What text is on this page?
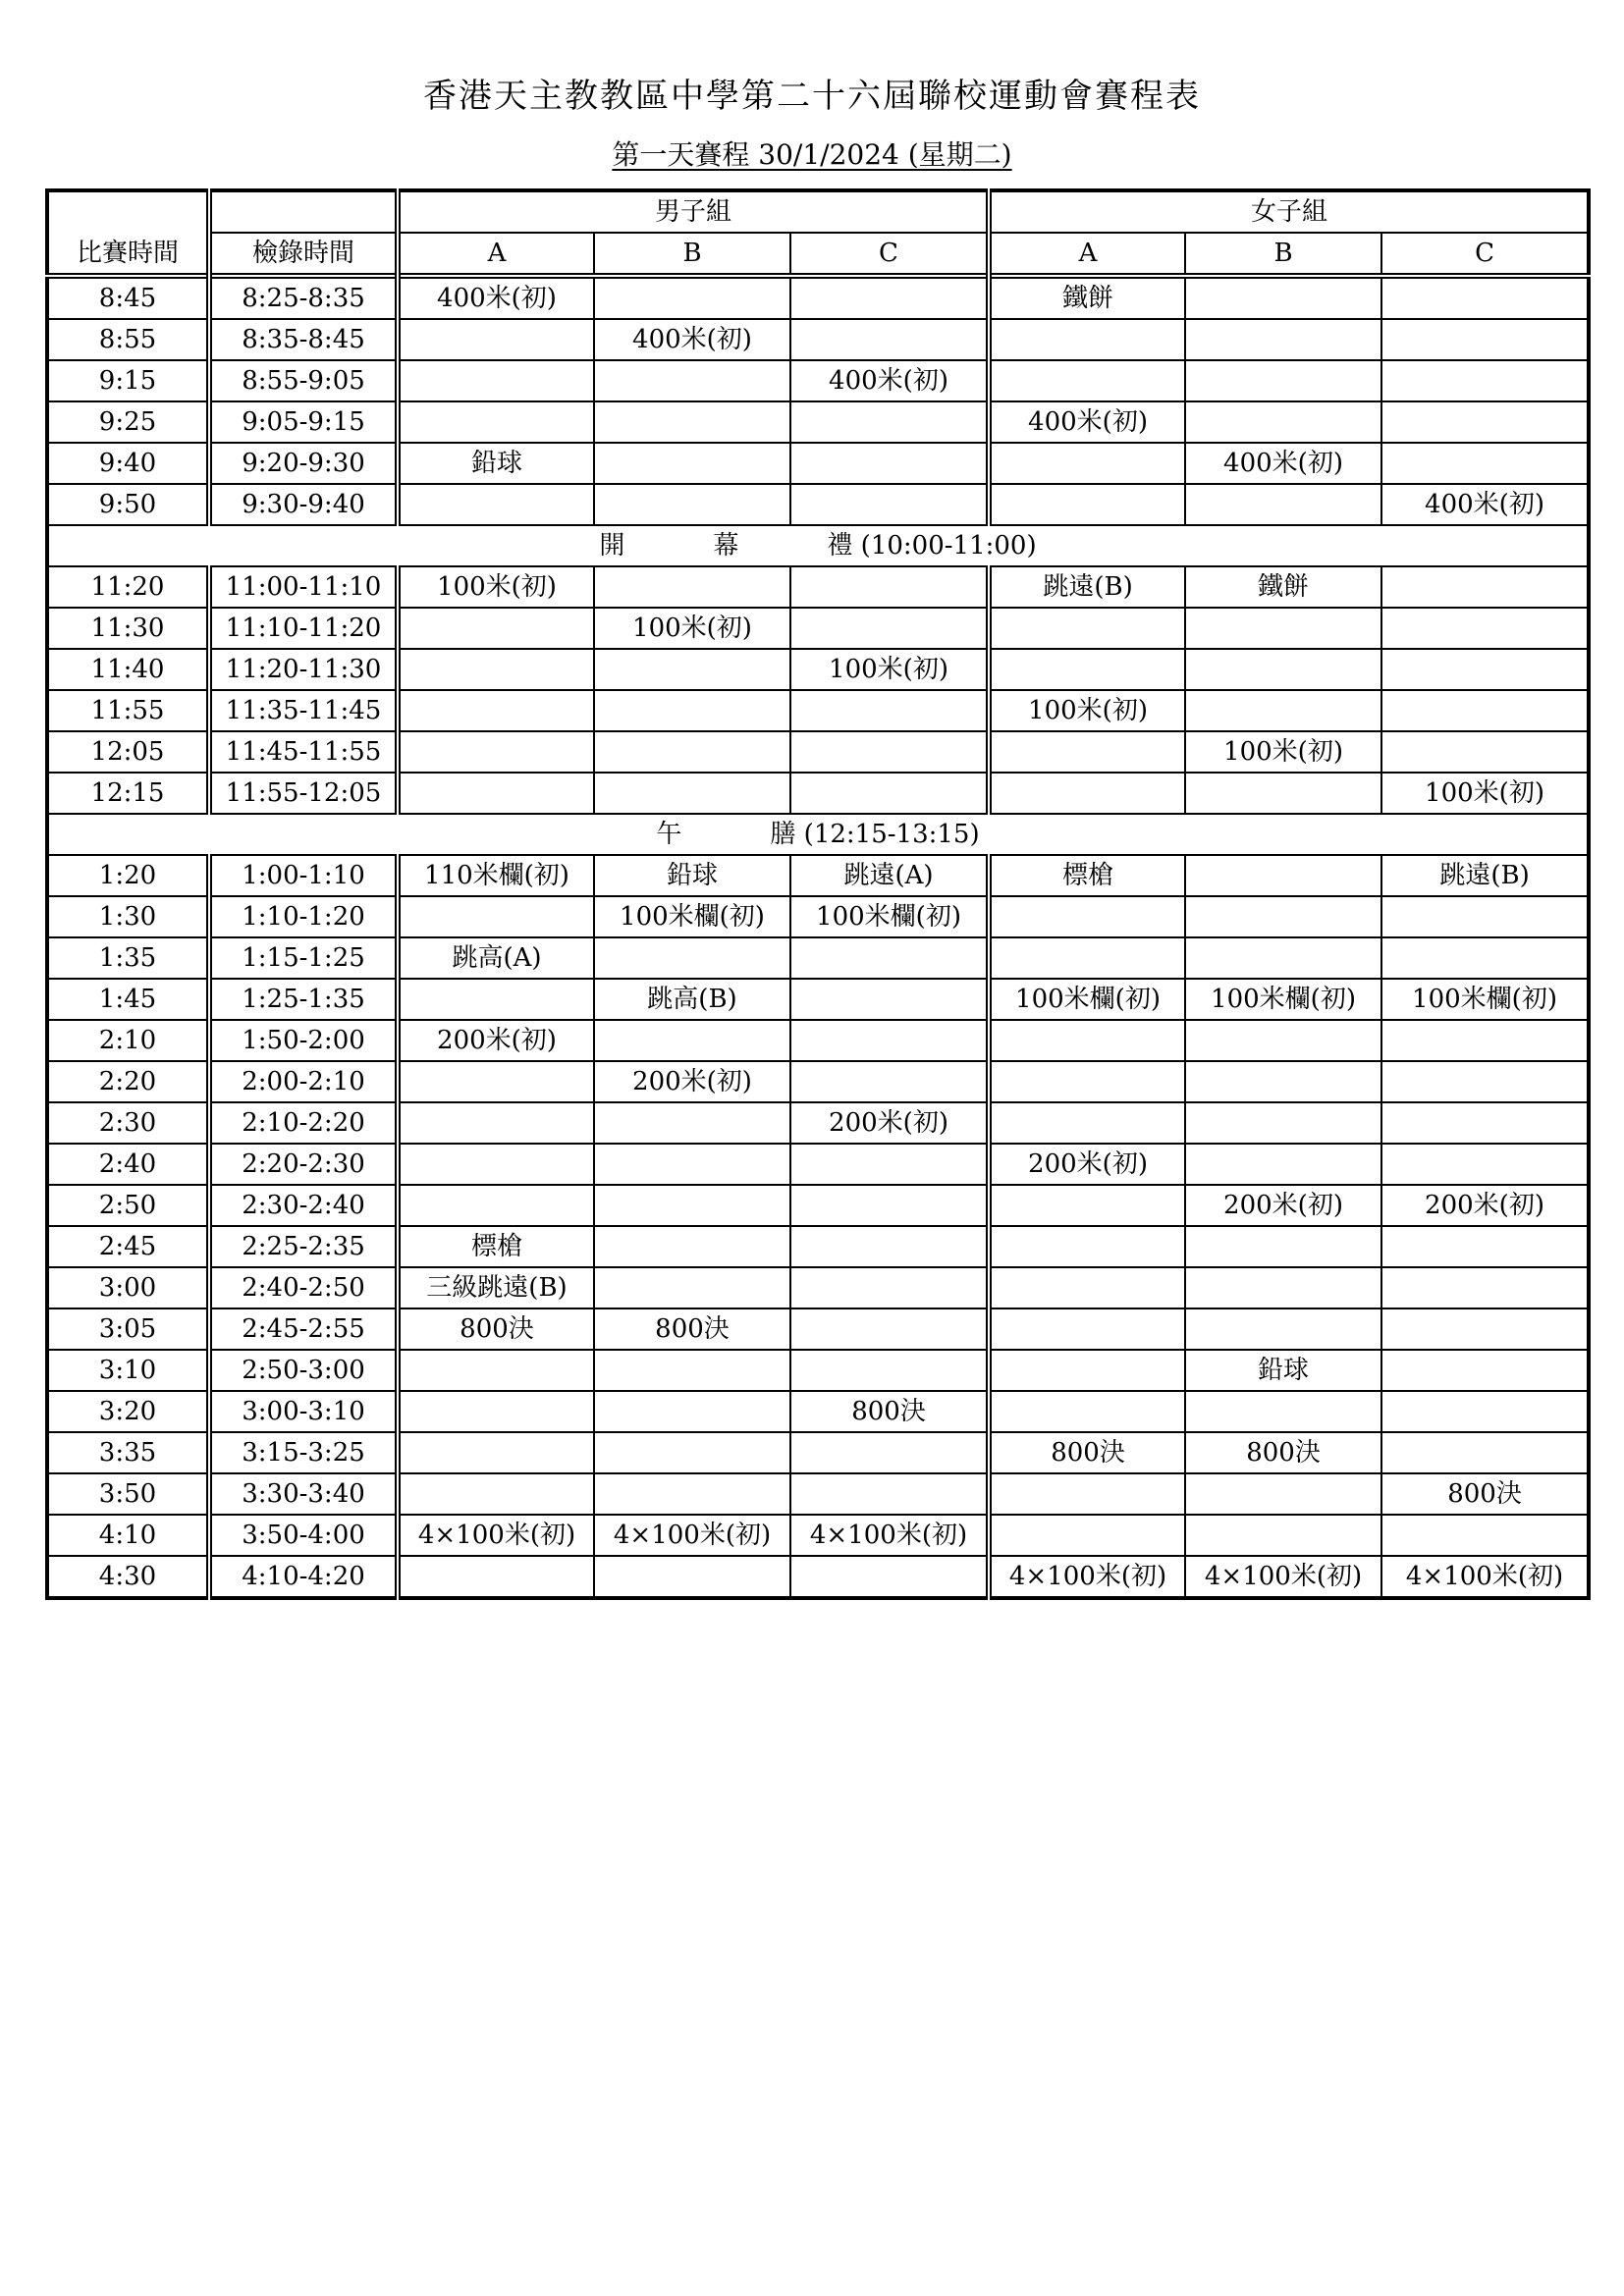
香港天主教教區中學第二十六屆聯校運動會賽程表
第一天賽程 30/1/2024 (星期二)
		男子組			女子組		
比賽時間	檢錄時間	A	B	C	A	B	C
8:45	8:25-8:35	400米(初)			鐵餅		
8:55	8:35-8:45		400米(初)				
9:15	8:55-9:05			400米(初)			
9:25	9:05-9:15				400米(初)		
9:40	9:20-9:30	鉛球				400米(初)	
9:50	9:30-9:40						400米(初)
開 幕 禮 (10:00-11:00)							
11:20	11:00-11:10	100米(初)			跳遠(B)	鐵餅	
11:30	11:10-11:20		100米(初)				
11:40	11:20-11:30			100米(初)			
11:55	11:35-11:45				100米(初)		
12:05	11:45-11:55					100米(初)	
12:15	11:55-12:05						100米(初)
午 膳 (12:15-13:15)							
1:20	1:00-1:10	110米欄(初)	鉛球	跳遠(A)	標槍		跳遠(B)
1:30	1:10-1:20		100米欄(初)	100米欄(初)			
1:35	1:15-1:25	跳高(A)					
1:45	1:25-1:35		跳高(B)		100米欄(初)	100米欄(初)	100米欄(初)
2:10	1:50-2:00	200米(初)					
2:20	2:00-2:10		200米(初)				
2:30	2:10-2:20			200米(初)			
2:40	2:20-2:30				200米(初)		
2:50	2:30-2:40					200米(初)	200米(初)
2:45	2:25-2:35	標槍					
3:00	2:40-2:50	三級跳遠(B)					
3:05	2:45-2:55	800決	800決				
3:10	2:50-3:00					鉛球	
3:20	3:00-3:10			800決			
3:35	3:15-3:25				800決	800決	
3:50	3:30-3:40						800決
4:10	3:50-4:00	4×100米(初)	4×100米(初)	4×100米(初)			
4:30	4:10-4:20				4×100米(初)	4×100米(初)	4×100米(初)
